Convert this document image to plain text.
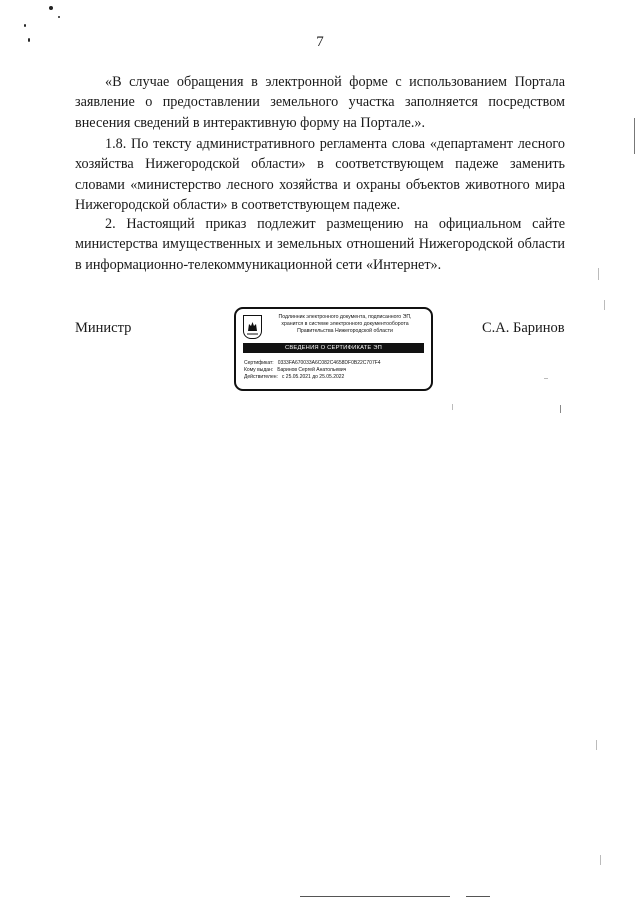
7

«В случае обращения в электронной форме с использованием Портала заявление о предоставлении земельного участка заполняется посредством внесения сведений в интерактивную форму на Портале.».

1.8. По тексту административного регламента слова «департамент лесного хозяйства Нижегородской области» в соответствующем падеже заменить словами «министерство лесного хозяйства и охраны объектов животного мира Нижегородской области» в соответствующем падеже.

2. Настоящий приказ подлежит размещению на официальном сайте министерства имущественных и земельных отношений Нижегородской области в информационно-телекоммуникационной сети «Интернет».

Министр	С.А. Баринов
Подлинник электронного документа, подписанного ЭП,
хранится в системе электронного документооборота
Правительства Нижегородской области
СВЕДЕНИЯ О СЕРТИФИКАТЕ ЭП
Сертификат: 0333FA670033A6C082C4658DF0B22C707F4
Кому выдан: Баринов Сергей Анатольевич
Действителен: с 25.05.2021 до 25.05.2022
